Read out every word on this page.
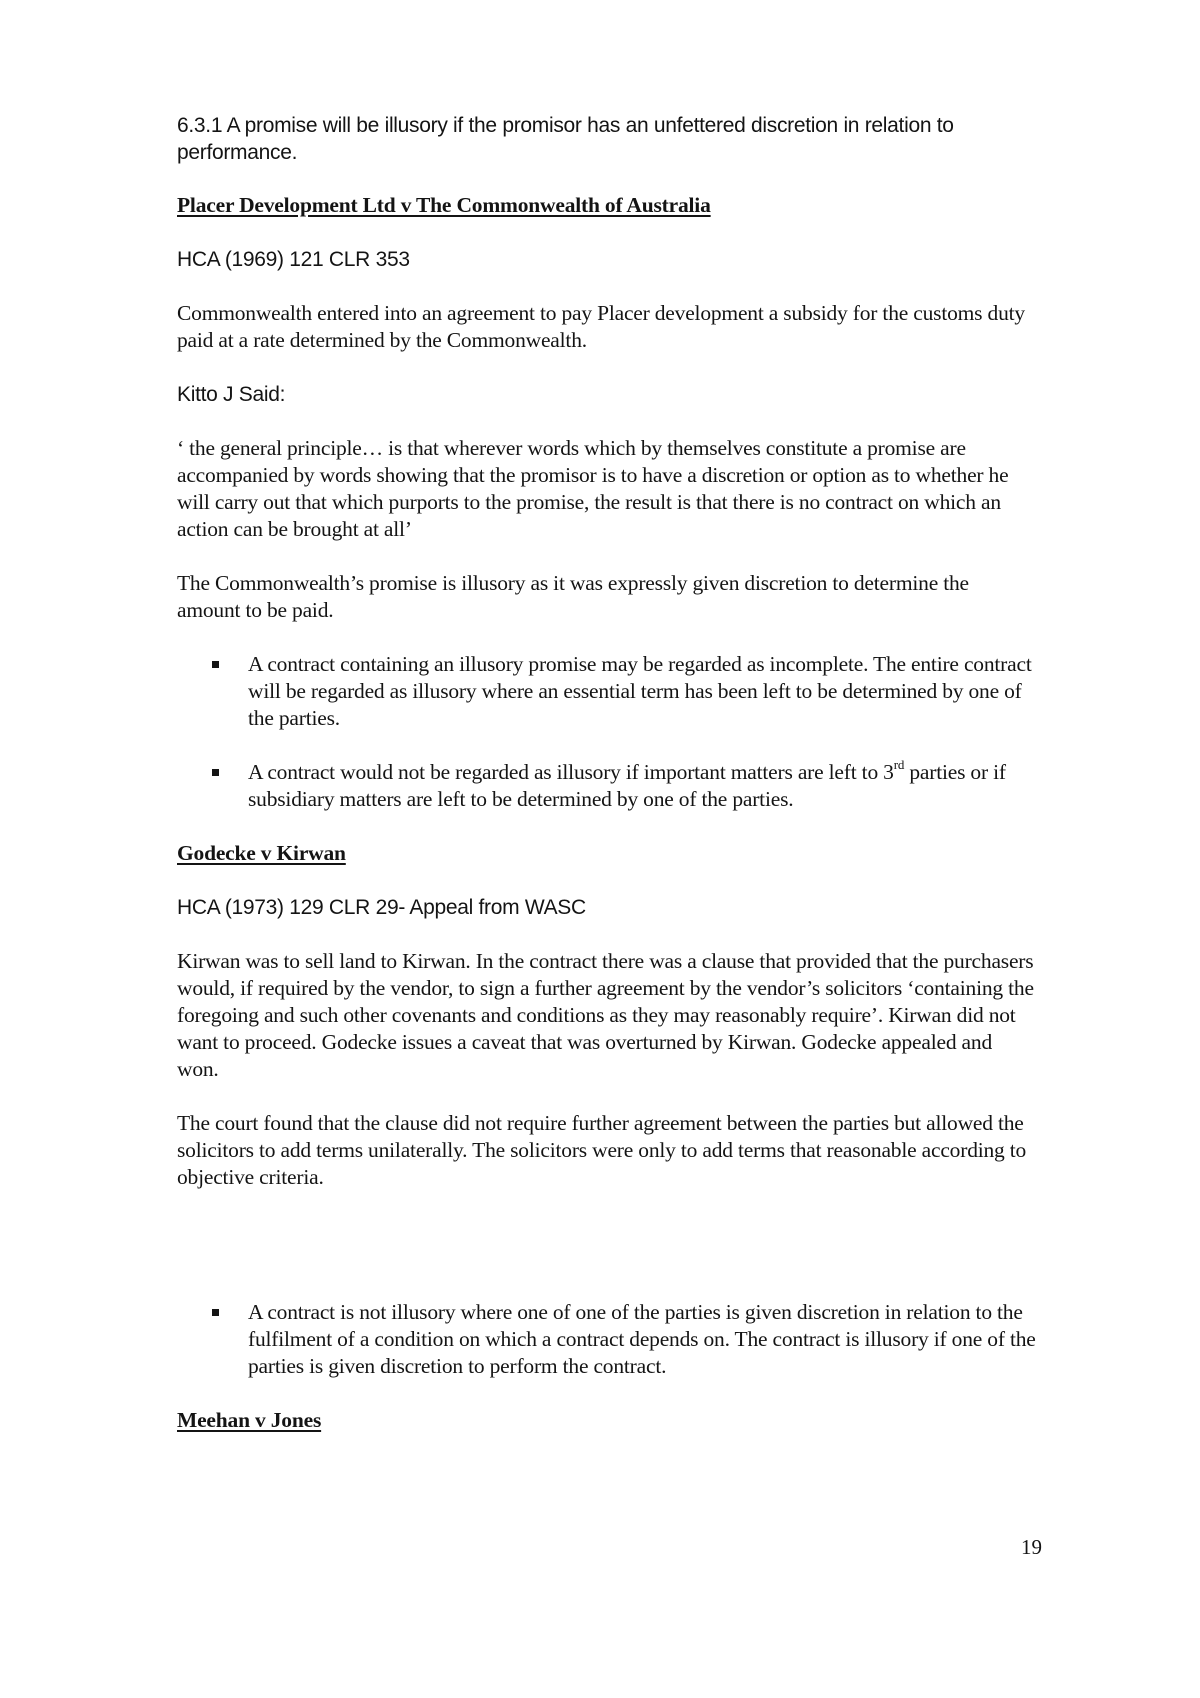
6.3.1 A promise will be illusory if the promisor has an unfettered discretion in relation to performance.

Placer Development Ltd v The Commonwealth of Australia

HCA (1969) 121 CLR 353

Commonwealth entered into an agreement to pay Placer development a subsidy for the customs duty paid at a rate determined by the Commonwealth.

Kitto J Said:

‘ the general principle… is that wherever words which by themselves constitute a promise are accompanied by words showing that the promisor is to have a discretion or option as to whether he will carry out that which purports to the promise, the result is that there is no contract on which an action can be brought at all’

The Commonwealth’s promise is illusory as it was expressly given discretion to determine the amount to be paid.

A contract containing an illusory promise may be regarded as incomplete. The entire contract will be regarded as illusory where an essential term has been left to be determined by one of the parties.
A contract would not be regarded as illusory if important matters are left to 3rd parties or if subsidiary matters are left to be determined by one of the parties.

Godecke v Kirwan

HCA (1973) 129 CLR 29- Appeal from WASC

Kirwan was to sell land to Kirwan. In the contract there was a clause that provided that the purchasers would, if required by the vendor, to sign a further agreement by the vendor’s solicitors ‘containing the foregoing and such other covenants and conditions as they may reasonably require’. Kirwan did not want to proceed. Godecke issues a caveat that was overturned by Kirwan. Godecke appealed and won.

The court found that the clause did not require further agreement between the parties but allowed the solicitors to add terms unilaterally. The solicitors were only to add terms that reasonable according to objective criteria.

A contract is not illusory where one of one of the parties is given discretion in relation to the fulfilment of a condition on which a contract depends on. The contract is illusory if one of the parties is given discretion to perform the contract.

Meehan v Jones

19
